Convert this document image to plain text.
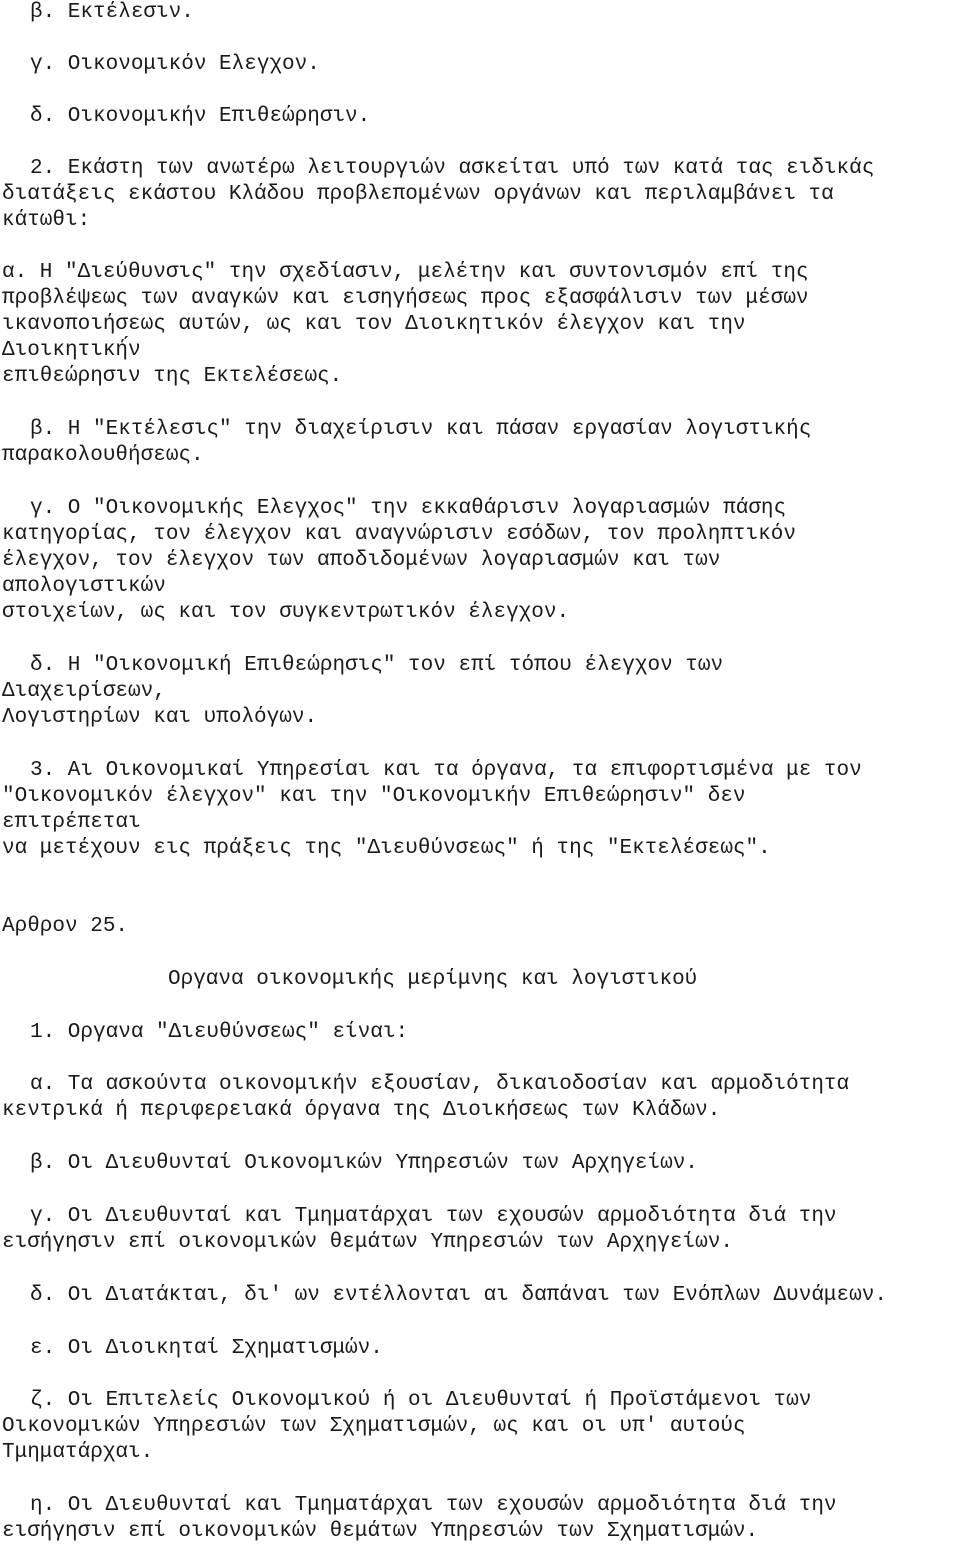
β. Εκτέλεσιν.
γ. Οικονομικόν Ελεγχον.
δ. Οικονομικήν Επιθεώρησιν.
2. Εκάστη των ανωτέρω λειτουργιών ασκείται υπό των κατά τας ειδικάς
διατάξεις εκάστου Κλάδου προβλεπομένων οργάνων και περιλαμβάνει τα
κάτωθι:
α. Η "Διεύθυνσις" την σχεδίασιν, μελέτην και συντονισμόν επί της
προβλέψεως των αναγκών και εισηγήσεως προς εξασφάλισιν των μέσων
ικανοποιήσεως αυτών, ως και τον Διοικητικόν έλεγχον και την
Διοικητική́ν
επιθεώρησιν της Εκτελέσεως.
β. Η "Εκτέλεσις" την διαχείρισιν και πάσαν εργασίαν λογιστικής
παρακολουθήσεως.
γ. Ο "Οικονομικής Ελεγχος" την εκκαθάρισιν λογαριασμών πάσης
κατηγορίας, τον έλεγχον και αναγνώρισιν εσόδων, τον προληπτικόν
έλεγχον, τον έλεγχον των αποδιδομένων λογαριασμών και των
απολογιστικών
στοιχείων, ως και τον συγκεντρωτικόν έλεγχον.
δ. Η "Οικονομική Επιθεώρησις" τον επί τόπου έλεγχον των
Διαχειρίσεων,
Λογιστηρίων και υπολόγων.
3. Αι Οικονομικαί Υπηρεσίαι και τα όργανα, τα επιφορτισμένα με τον
"Οικονομικόν έλεγχον" και την "Οικονομικήν Επιθεώρησιν" δεν
επιτρέπεται
να μετέχουν εις πράξεις της "Διευθύνσεως" ή της "Εκτελέσεως".
Αρθρον 25.
Οργανα οικονομικής μερίμνης και λογιστικού
1. Οργανα "Διευθύνσεως" είναι:
α. Τα ασκούντα οικονομικήν εξουσίαν, δικαιοδοσίαν και αρμοδιότητα
κεντρικά ή περιφερειακά όργανα της Διοικήσεως των Κλάδων.
β. Οι Διευθυνταί Οικονομικών Υπηρεσιών των Αρχηγείων.
γ. Οι Διευθυνταί και Τμηματάρχαι των εχουσών αρμοδιότητα διά την
εισήγησιν επί οικονομικών θεμάτων Υπηρεσιών των Αρχηγείων.
δ. Οι Διατάκται, δι' ων εντέλλονται αι δαπάναι των Ενόπλων Δυνάμεων.
ε. Οι Διοικηταί Σχηματισμών.
ζ. Οι Επιτελείς Οικονομικού ή οι Διευθυνταί ή Προϊστάμενοι των
Οικονομικών Υπηρεσιών των Σχηματισμών, ως και οι υπ' αυτούς
Τμηματάρχαι.
η. Οι Διευθυνταί και Τμηματάρχαι των εχουσών αρμοδιότητα διά την
εισήγησιν επί οικονομικών θεμάτων Υπηρεσιών των Σχηματισμών.
